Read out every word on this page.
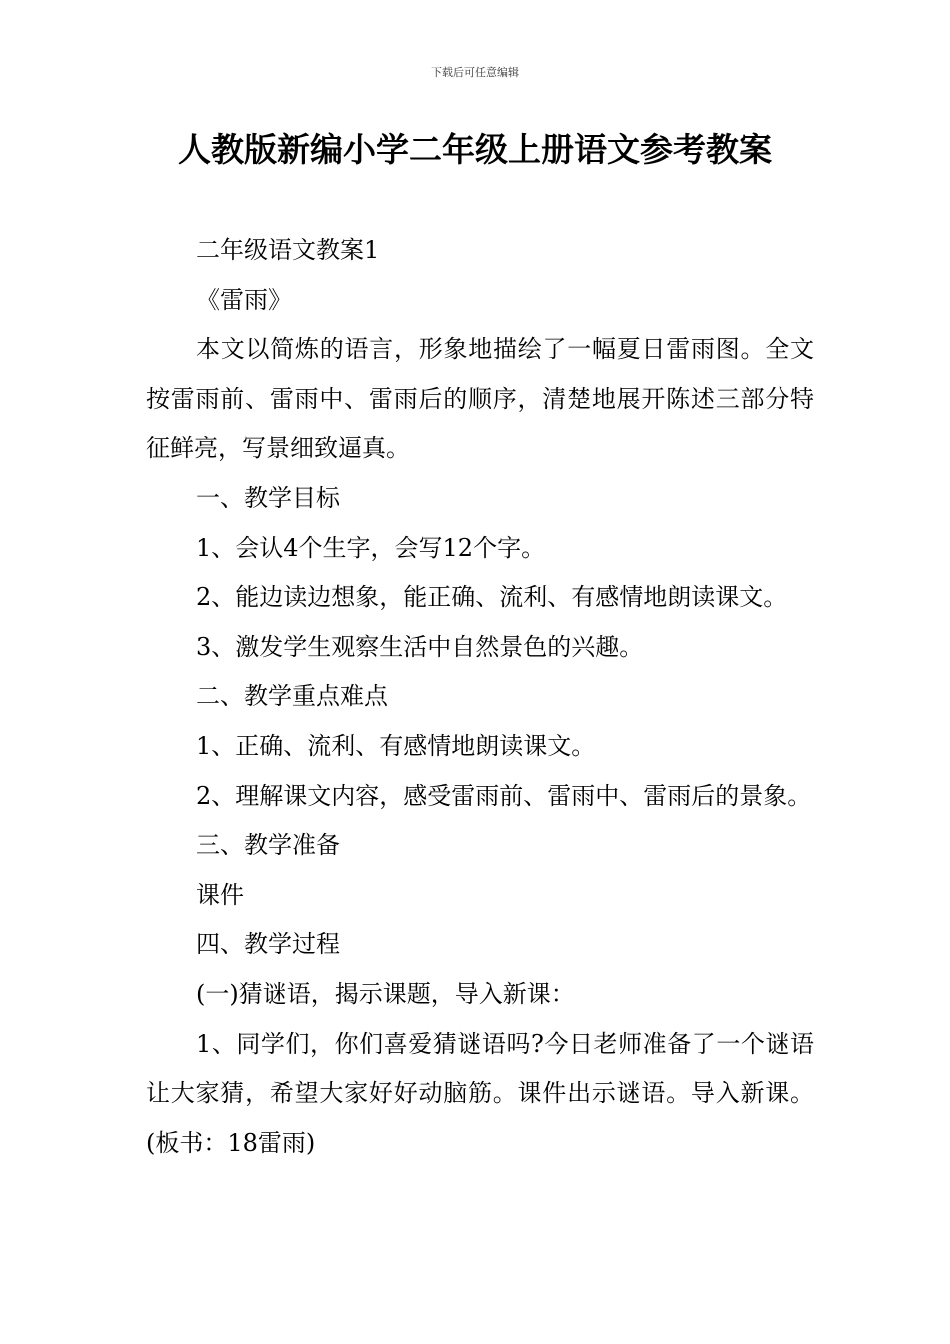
下载后可任意编辑
人教版新编小学二年级上册语文参考教案

二年级语文教案1

《雷雨》

本文以简炼的语言，形象地描绘了一幅夏日雷雨图。全文按雷雨前、雷雨中、雷雨后的顺序，清楚地展开陈述三部分特征鲜亮，写景细致逼真。

一、教学目标

1、会认4个生字，会写12个字。

2、能边读边想象，能正确、流利、有感情地朗读课文。

3、激发学生观察生活中自然景色的兴趣。

二、教学重点难点

1、正确、流利、有感情地朗读课文。

2、理解课文内容，感受雷雨前、雷雨中、雷雨后的景象。

三、教学准备

课件

四、教学过程

(一)猜谜语，揭示课题，导入新课：

1、同学们，你们喜爱猜谜语吗?今日老师准备了一个谜语让大家猜，希望大家好好动脑筋。课件出示谜语。导入新课。(板书：18雷雨)
